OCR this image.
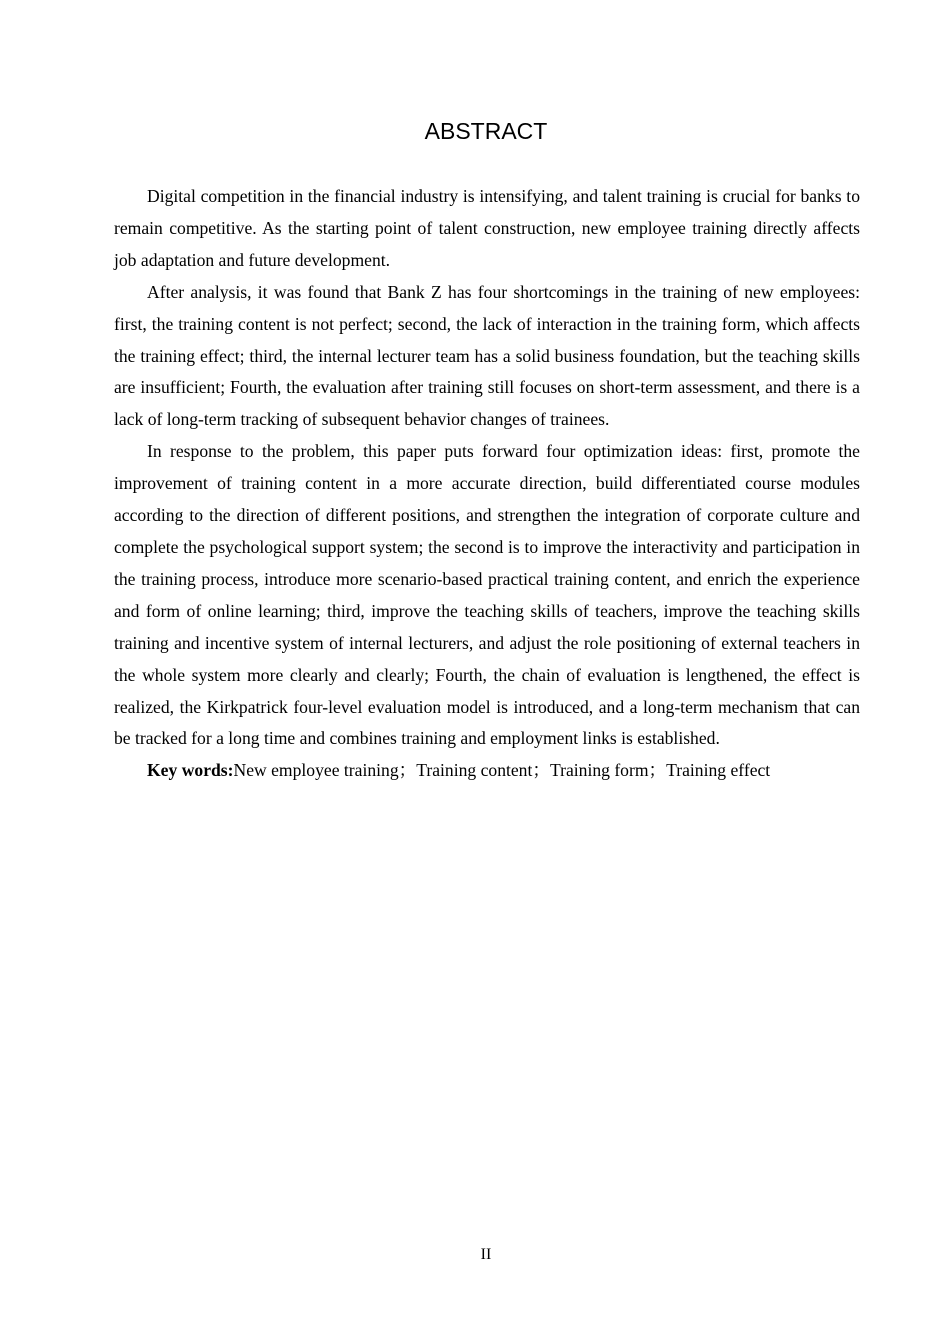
ABSTRACT

Digital competition in the financial industry is intensifying, and talent training is crucial for banks to remain competitive. As the starting point of talent construction, new employee training directly affects job adaptation and future development.

After analysis, it was found that Bank Z has four shortcomings in the training of new employees: first, the training content is not perfect; second, the lack of interaction in the training form, which affects the training effect; third, the internal lecturer team has a solid business foundation, but the teaching skills are insufficient; Fourth, the evaluation after training still focuses on short-term assessment, and there is a lack of long-term tracking of subsequent behavior changes of trainees.

In response to the problem, this paper puts forward four optimization ideas: first, promote the improvement of training content in a more accurate direction, build differentiated course modules according to the direction of different positions, and strengthen the integration of corporate culture and complete the psychological support system; the second is to improve the interactivity and participation in the training process, introduce more scenario-based practical training content, and enrich the experience and form of online learning; third, improve the teaching skills of teachers, improve the teaching skills training and incentive system of internal lecturers, and adjust the role positioning of external teachers in the whole system more clearly and clearly; Fourth, the chain of evaluation is lengthened, the effect is realized, the Kirkpatrick four-level evaluation model is introduced, and a long-term mechanism that can be tracked for a long time and combines training and employment links is established.

Key words:New employee training；Training content；Training form；Training effect

II
